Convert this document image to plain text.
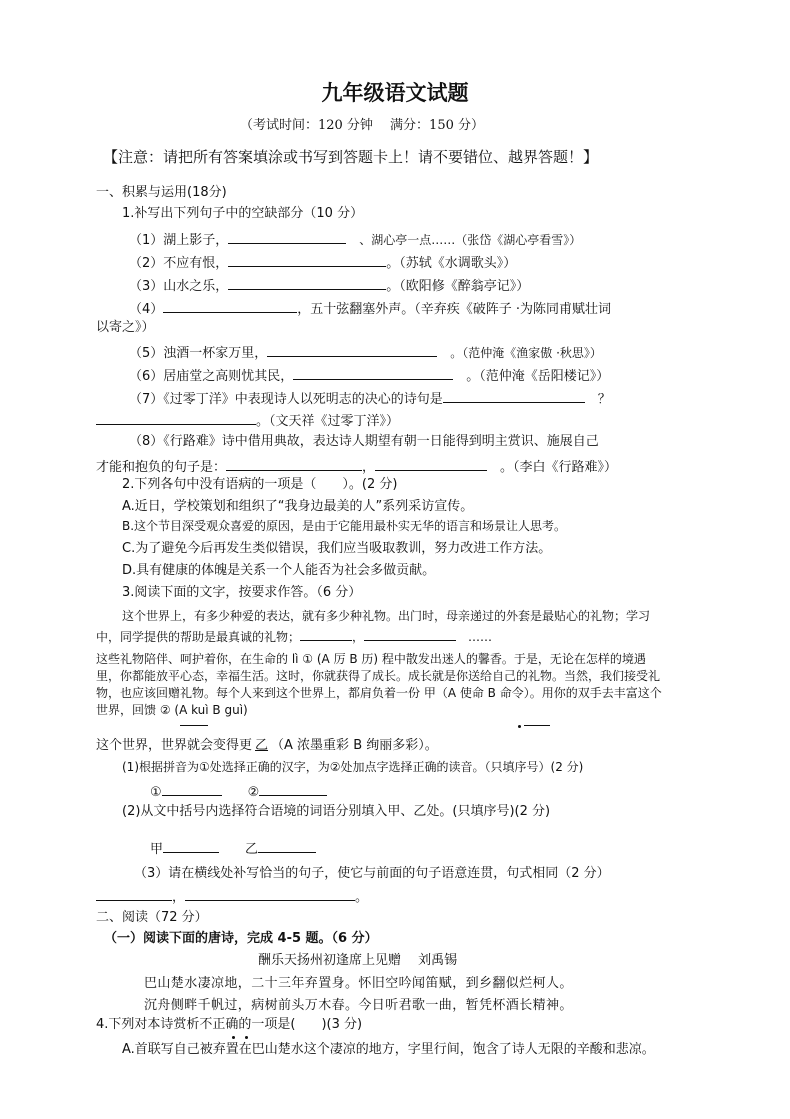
九年级语文试题
（考试时间：120 分钟　 满分：150 分）
【注意：请把所有答案填涂或书写到答题卡上！请不要错位、越界答题！】
一、积累与运用(18分)
1.补写出下列句子中的空缺部分（10 分）
（1）湖上影子，　	、湖心亭一点……（张岱《湖心亭看雪》）
（2）不应有恨，	。（苏轼《水调歌头》）
（3）山水之乐，	。（欧阳修《醉翁亭记》）
（4）	，五十弦翻塞外声。（辛弃疾《破阵子 ·为陈同甫赋壮词
以寄之》）
（5）浊酒一杯家万里，　	。（范仲淹《渔家傲 ·秋思》）
（6）居庙堂之高则忧其民，　	。（范仲淹《岳阳楼记》）
（7）《过零丁洋》中表现诗人以死明志的决心的诗句是　	？
。（文天祥《过零丁洋》）
（8）《行路难》诗中借用典故，表达诗人期望有朝一日能得到明主赏识、施展自己
才能和抱负的句子是：	，　	。（李白《行路难》）
2.下列各句中没有语病的一项是（　　）。(2 分)
A.近日，学校策划和组织了“我身边最美的人”系列采访宣传。
B.这个节目深受观众喜爱的原因，是由于它能用最朴实无华的语言和场景让人思考。
C.为了避免今后再发生类似错误，我们应当吸取教训，努力改进工作方法。
D.具有健康的体魄是关系一个人能否为社会多做贡献。
3.阅读下面的文字，按要求作答。（6 分）
这个世界上，有多少种爱的表达，就有多少种礼物。出门时，母亲递过的外套是最贴心的礼物；学习
中，同学提供的帮助是最真诚的礼物；	，　	……
这些礼物陪伴、呵护着你，在生命的 lì ① (A 厉 B 历) 程中散发出迷人的馨香。于是，无论在怎样的境遇
里，你都能放平心态，幸福生活。这时，你就获得了成长。成长就是你送给自己的礼物。当然，我们接受礼
物，也应该回赠礼物。每个人来到这个世界上，都肩负着一份 甲（A 使命 B 命令）。用你的双手去丰富这个
世界，回馈 ② (A kuì B guì)
这个世界，世界就会变得更 乙 （A 浓墨重彩 B 绚丽多彩）。
(1)根据拼音为①处选择正确的汉字，为②处加点字选择正确的读音。（只填序号）(2 分)
①　　	②
(2)从文中括号内选择符合语境的词语分别填入甲、乙处。(只填序号)(2 分)
甲　　	乙
（3）请在横线处补写恰当的句子，使它与前面的句子语意连贯，句式相同（2 分）
，	。
二、阅读（72 分）
（一）阅读下面的唐诗，完成 4-5 题。（6 分）
酬乐天扬州初逢席上见赠　 刘禹锡
巴山楚水凄凉地，二十三年弃置身。怀旧空吟闻笛赋，到乡翻似烂柯人。
沉舟侧畔千帆过，病树前头万木春。今日听君歌一曲，暂凭杯酒长精神。
4.下列对本诗赏析不正确的一项是(　　)(3 分)
A.首联写自己被弃置在巴山楚水这个凄凉的地方，字里行间，饱含了诗人无限的辛酸和悲凉。
